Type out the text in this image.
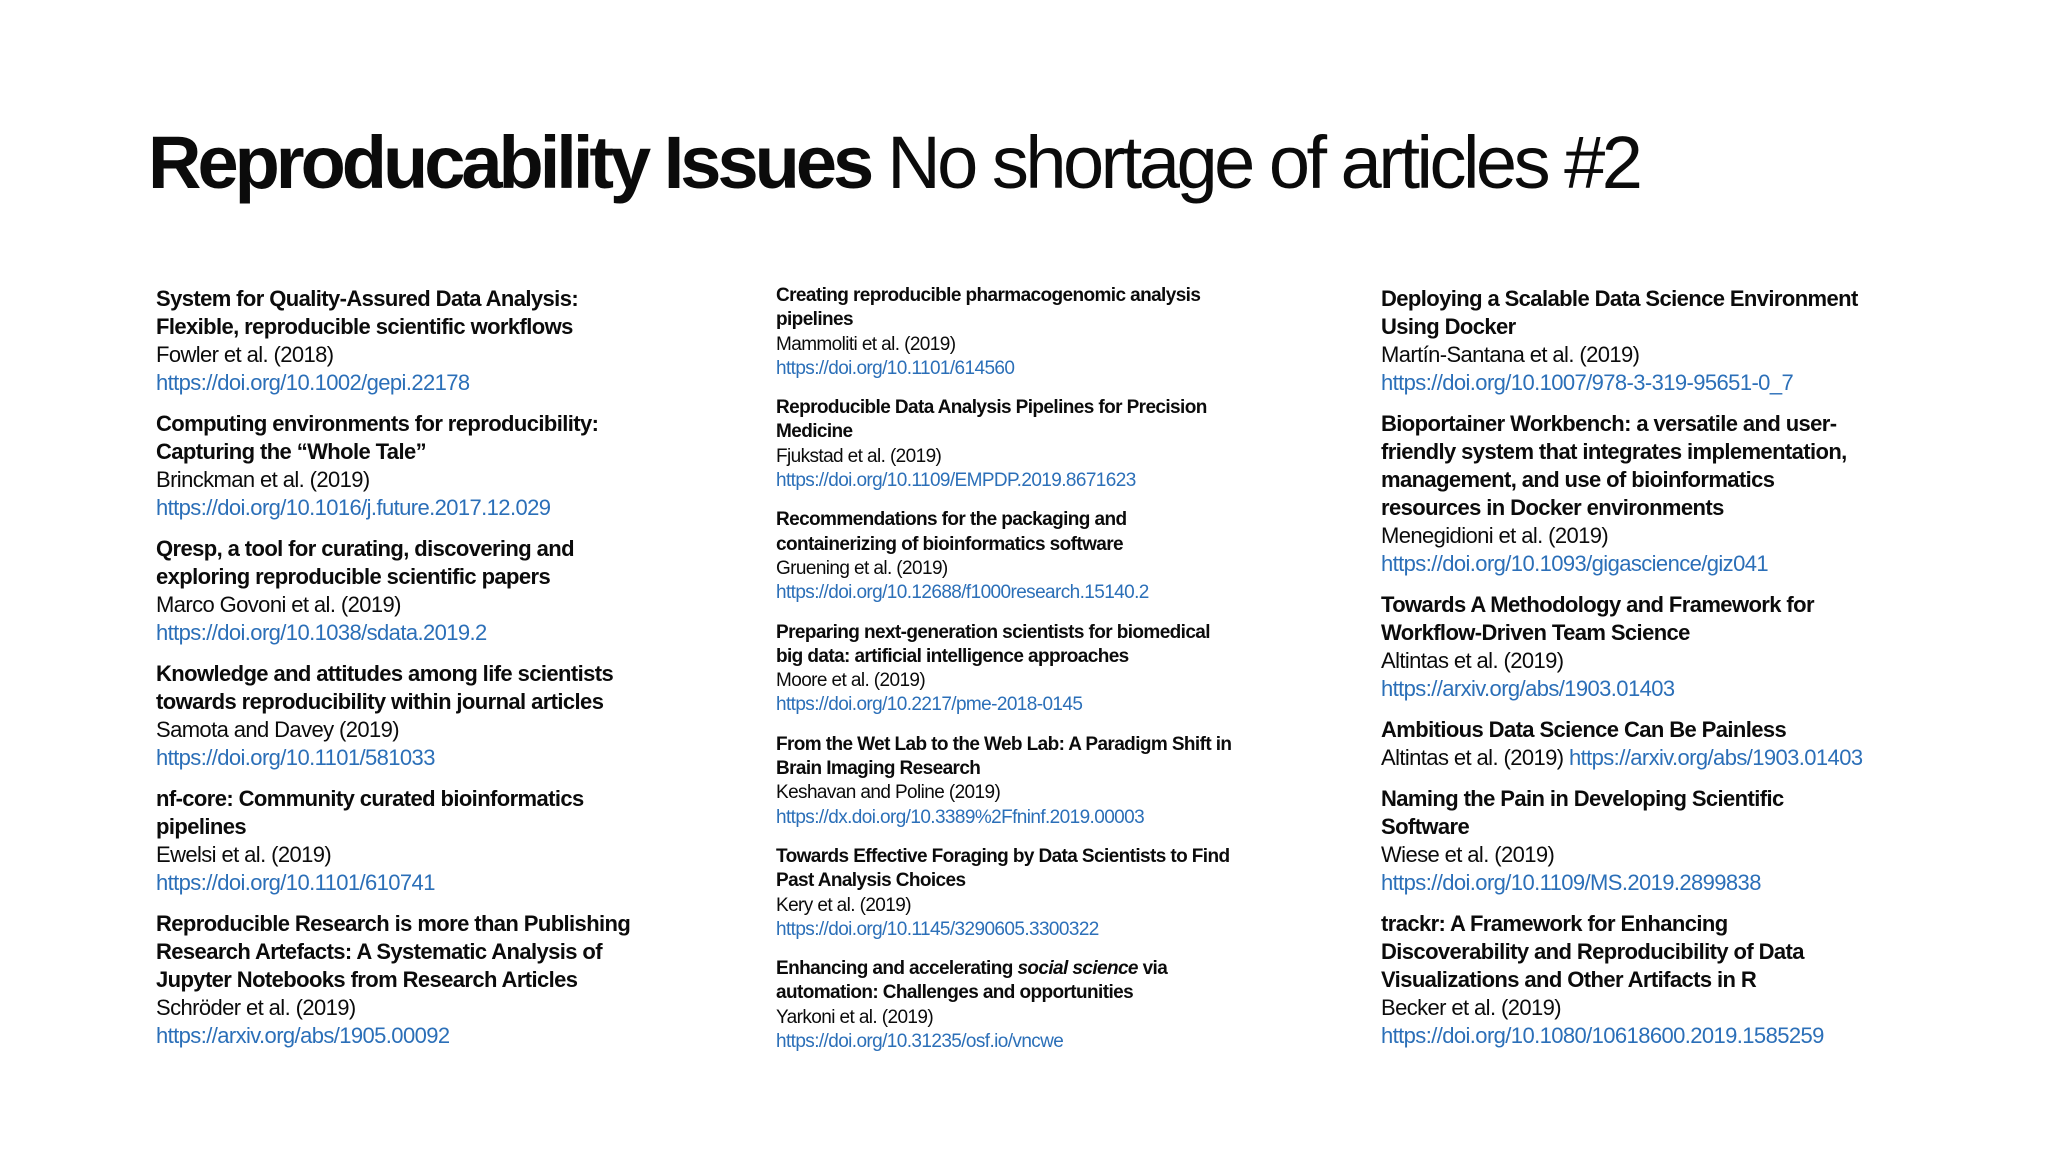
Reproducability Issues No shortage of articles #2
System for Quality-Assured Data Analysis:
Flexible, reproducible scientific workflows
Fowler et al. (2018)
https://doi.org/10.1002/gepi.22178
Computing environments for reproducibility:
Capturing the “Whole Tale”
Brinckman et al. (2019)
https://doi.org/10.1016/j.future.2017.12.029
Qresp, a tool for curating, discovering and
exploring reproducible scientific papers
Marco Govoni et al. (2019)
https://doi.org/10.1038/sdata.2019.2
Knowledge and attitudes among life scientists
towards reproducibility within journal articles
Samota and Davey (2019)
https://doi.org/10.1101/581033
nf-core: Community curated bioinformatics
pipelines
Ewelsi et al. (2019)
https://doi.org/10.1101/610741
Reproducible Research is more than Publishing
Research Artefacts: A Systematic Analysis of
Jupyter Notebooks from Research Articles
Schröder et al. (2019)
https://arxiv.org/abs/1905.00092
Creating reproducible pharmacogenomic analysis
pipelines
Mammoliti et al. (2019)
https://doi.org/10.1101/614560
Reproducible Data Analysis Pipelines for Precision
Medicine
Fjukstad et al. (2019)
https://doi.org/10.1109/EMPDP.2019.8671623
Recommendations for the packaging and
containerizing of bioinformatics software
Gruening et al. (2019)
https://doi.org/10.12688/f1000research.15140.2
Preparing next-generation scientists for biomedical
big data: artificial intelligence approaches
Moore et al. (2019)
https://doi.org/10.2217/pme-2018-0145
From the Wet Lab to the Web Lab: A Paradigm Shift in
Brain Imaging Research
Keshavan and Poline (2019)
https://dx.doi.org/10.3389%2Ffninf.2019.00003
Towards Effective Foraging by Data Scientists to Find
Past Analysis Choices
Kery et al. (2019)
https://doi.org/10.1145/3290605.3300322
Enhancing and accelerating social science via
automation: Challenges and opportunities
Yarkoni et al. (2019)
https://doi.org/10.31235/osf.io/vncwe
Deploying a Scalable Data Science Environment
Using Docker
Martín-Santana et al. (2019)
https://doi.org/10.1007/978-3-319-95651-0_7
Bioportainer Workbench: a versatile and user-
friendly system that integrates implementation,
management, and use of bioinformatics
resources in Docker environments
Menegidioni et al. (2019)
https://doi.org/10.1093/gigascience/giz041
Towards A Methodology and Framework for
Workflow-Driven Team Science
Altintas et al. (2019)
https://arxiv.org/abs/1903.01403
Ambitious Data Science Can Be Painless
Altintas et al. (2019) https://arxiv.org/abs/1903.01403
Naming the Pain in Developing Scientific
Software
Wiese et al. (2019)
https://doi.org/10.1109/MS.2019.2899838
trackr: A Framework for Enhancing
Discoverability and Reproducibility of Data
Visualizations and Other Artifacts in R
Becker et al. (2019)
https://doi.org/10.1080/10618600.2019.1585259
